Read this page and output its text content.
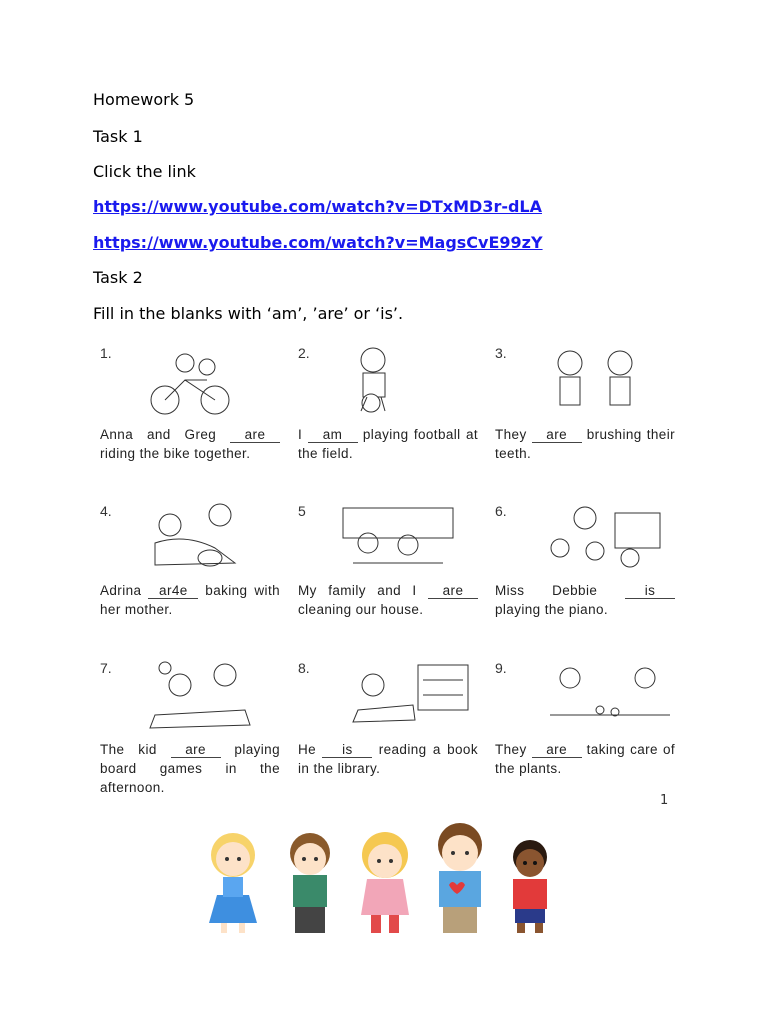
Homework 5
Task 1
Click the link
https://www.youtube.com/watch?v=DTxMD3r-dLA
https://www.youtube.com/watch?v=MagsCvE99zY
Task 2
Fill in the blanks with ‘am’, ’are’ or ‘is’.
1.
Anna and Greg are riding the bike together.
2.
I am playing football at the field.
3.
They are brushing their teeth.
4.
Adrina ar4e baking with her mother.
5
My family and I are cleaning our house.
6.
Miss Debbie is playing the piano.
7.
The kid are playing board games in the afternoon.
8.
He is reading a book in the library.
9.
They are taking care of the plants.
1
